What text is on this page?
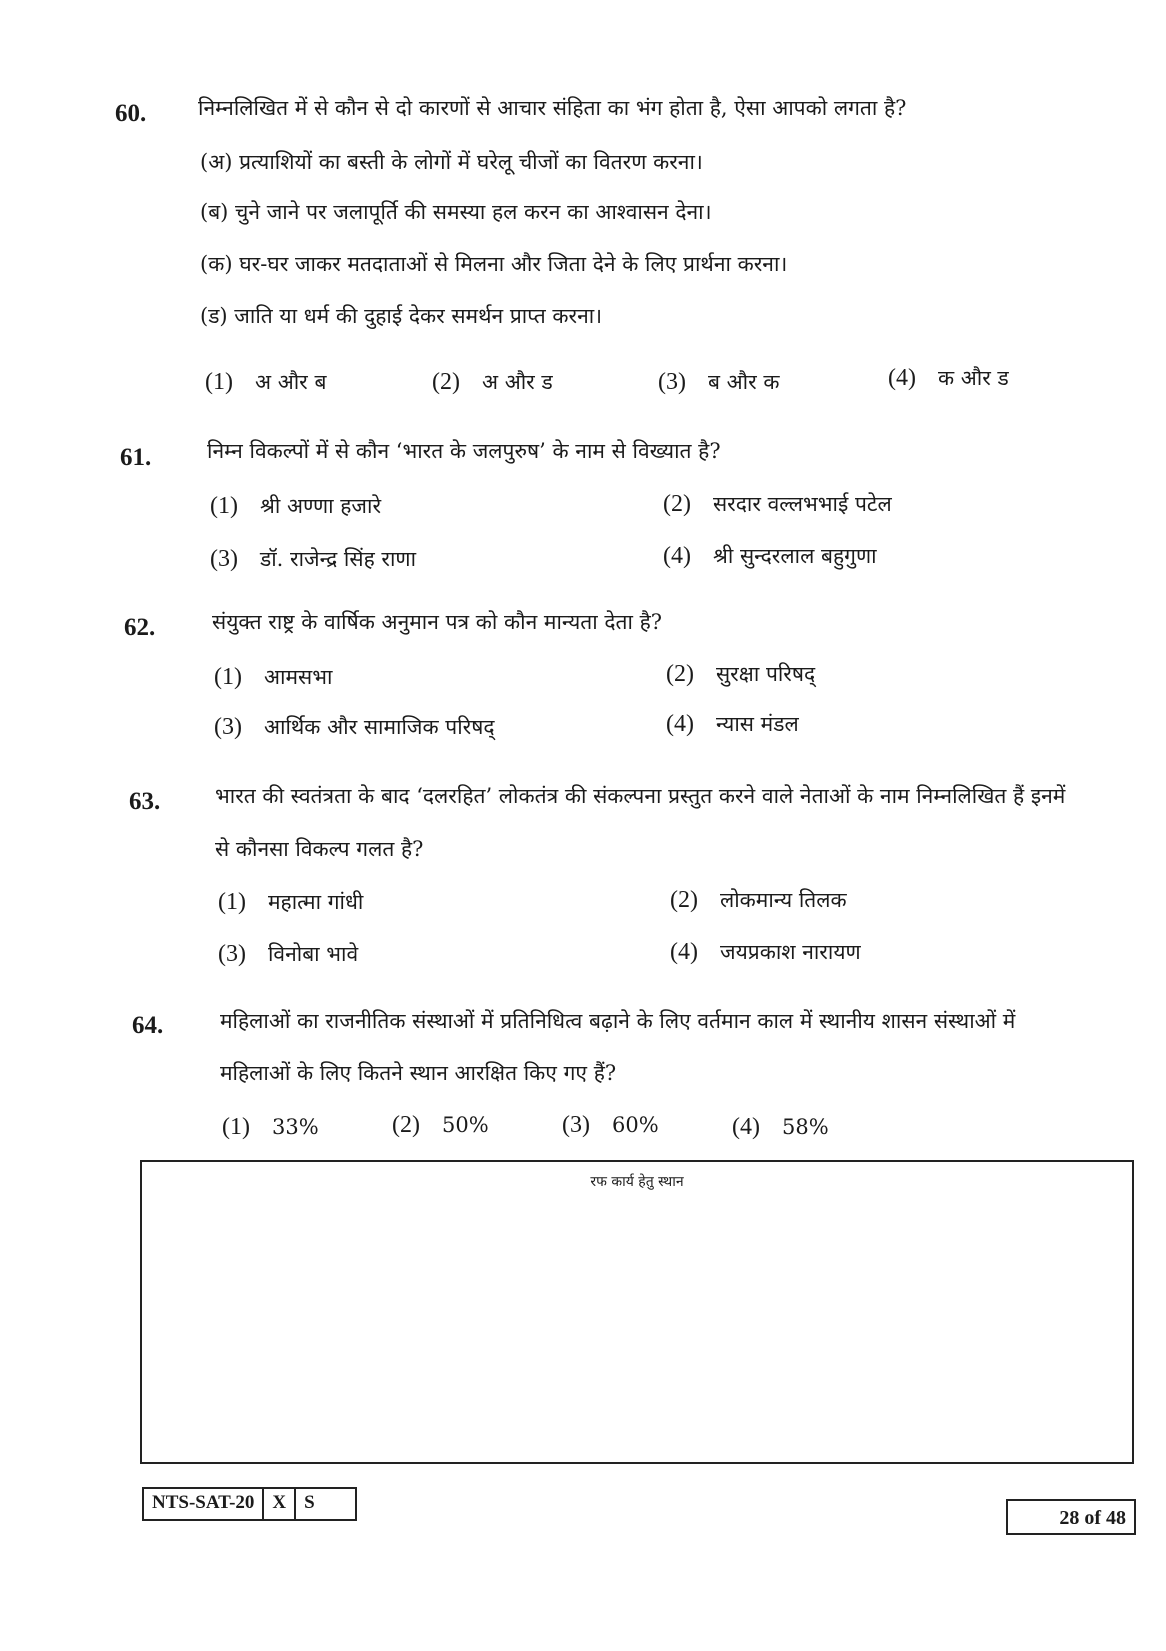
60. निम्नलिखित में से कौन से दो कारणों से आचार संहिता का भंग होता है, ऐसा आपको लगता है?
(अ) प्रत्याशियों का बस्ती के लोगों में घरेलू चीजों का वितरण करना।
(ब) चुने जाने पर जलापूर्ति की समस्या हल करन का आश्वासन देना।
(क) घर-घर जाकर मतदाताओं से मिलना और जिता देने के लिए प्रार्थना करना।
(ड) जाति या धर्म की दुहाई देकर समर्थन प्राप्त करना।
(1) अ और ब	(2) अ और ड	(3) ब और क	(4) क और ड
61.	निम्न विकल्पों में से कौन ‘भारत के जलपुरुष’ के नाम से विख्यात है?
(1) श्री अण्णा हजारे	(2) सरदार वल्लभभाई पटेल
(3) डॉ. राजेन्द्र सिंह राणा	(4) श्री सुन्दरलाल बहुगुणा
62.	संयुक्त राष्ट्र के वार्षिक अनुमान पत्र को कौन मान्यता देता है?
(1) आमसभा	(2) सुरक्षा परिषद्
(3) आर्थिक और सामाजिक परिषद्	(4) न्यास मंडल
63.	भारत की स्वतंत्रता के बाद ‘दलरहित’ लोकतंत्र की संकल्पना प्रस्तुत करने वाले नेताओं के नाम निम्नलिखित हैं इनमें
से कौनसा विकल्प गलत है?
(1) महात्मा गांधी	(2) लोकमान्य तिलक
(3) विनोबा भावे	(4) जयप्रकाश नारायण
64.	महिलाओं का राजनीतिक संस्थाओं में प्रतिनिधित्व बढ़ाने के लिए वर्तमान काल में स्थानीय शासन संस्थाओं में
महिलाओं के लिए कितने स्थान आरक्षित किए गए हैं?
(1) 33%	(2) 50%	(3) 60%	(4) 58%
रफ कार्य हेतु स्थान
NTS-SAT-20 X S
28 of 48
